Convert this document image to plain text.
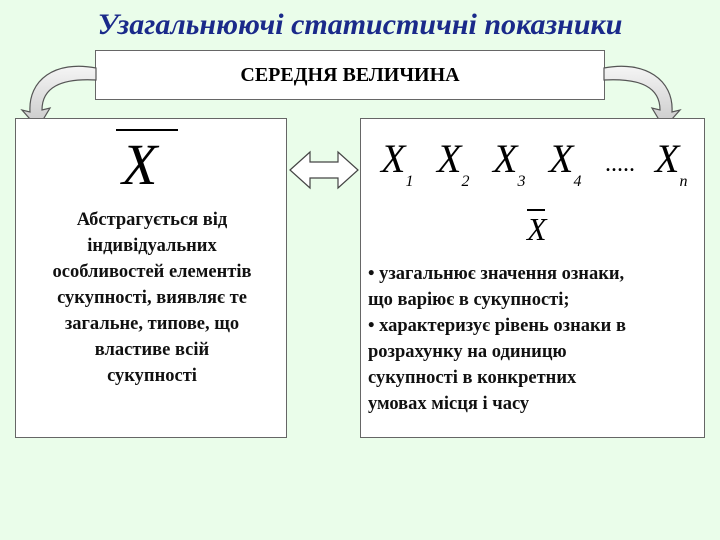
Узагальнюючі статистичні показники
СЕРЕДНЯ ВЕЛИЧИНА
X
Абстрагується від
індивідуальних
особливостей елементів
сукупності, виявляє те
загальне, типове, що
властиве всій
сукупності
$X_1$
$X_2$
$X_3$
$X_4$
..... $X_n$
X

• узагальнює значення ознаки,

що варіює в сукупності;

• характеризує рівень ознаки в

розрахунку на одиницю

сукупності в конкретних

умовах місця і часу
